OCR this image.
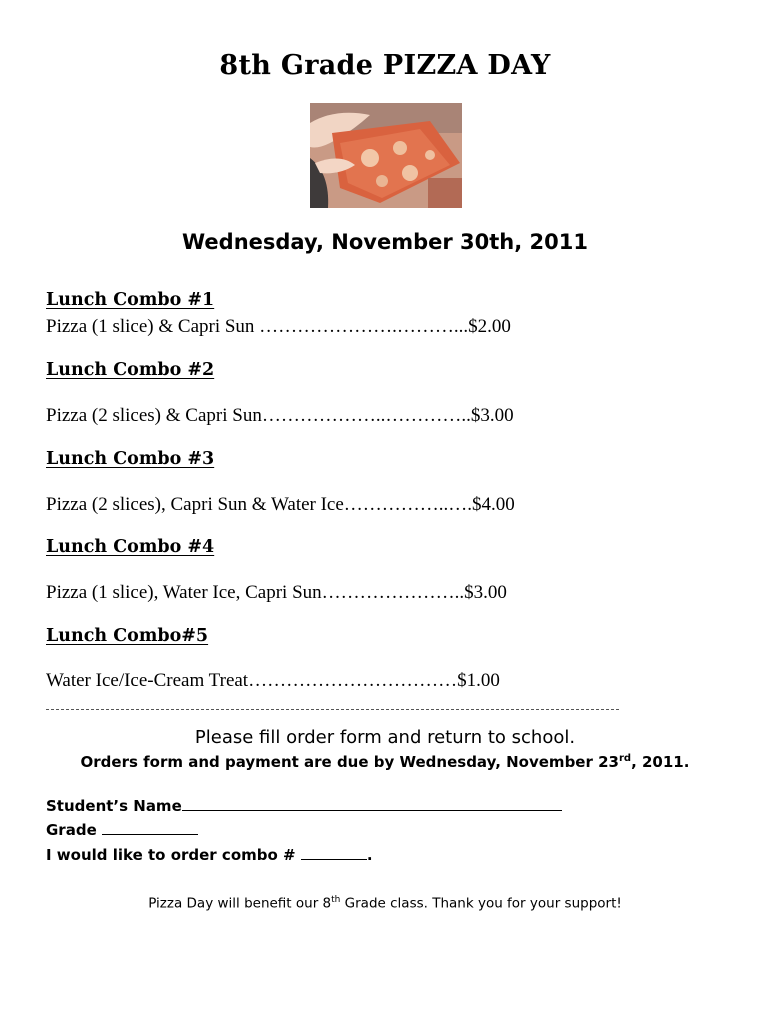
8th Grade PIZZA DAY
Wednesday, November 30th, 2011
Lunch Combo #1
Pizza (1 slice) & Capri Sun ………………….………...$2.00
Lunch Combo #2
Pizza (2 slices) & Capri Sun………………..…………..$3.00
Lunch Combo #3
Pizza (2 slices), Capri Sun & Water Ice……………..….$4.00
Lunch Combo #4
Pizza (1 slice), Water Ice, Capri Sun…………………..$3.00
Lunch Combo#5
Water Ice/Ice-Cream Treat……………………………$1.00
Please fill order form and return to school.
Orders form and payment are due by Wednesday, November 23rd, 2011.
Student’s Name
Grade
I would like to order combo #	.
Pizza Day will benefit our 8th Grade class. Thank you for your support!
